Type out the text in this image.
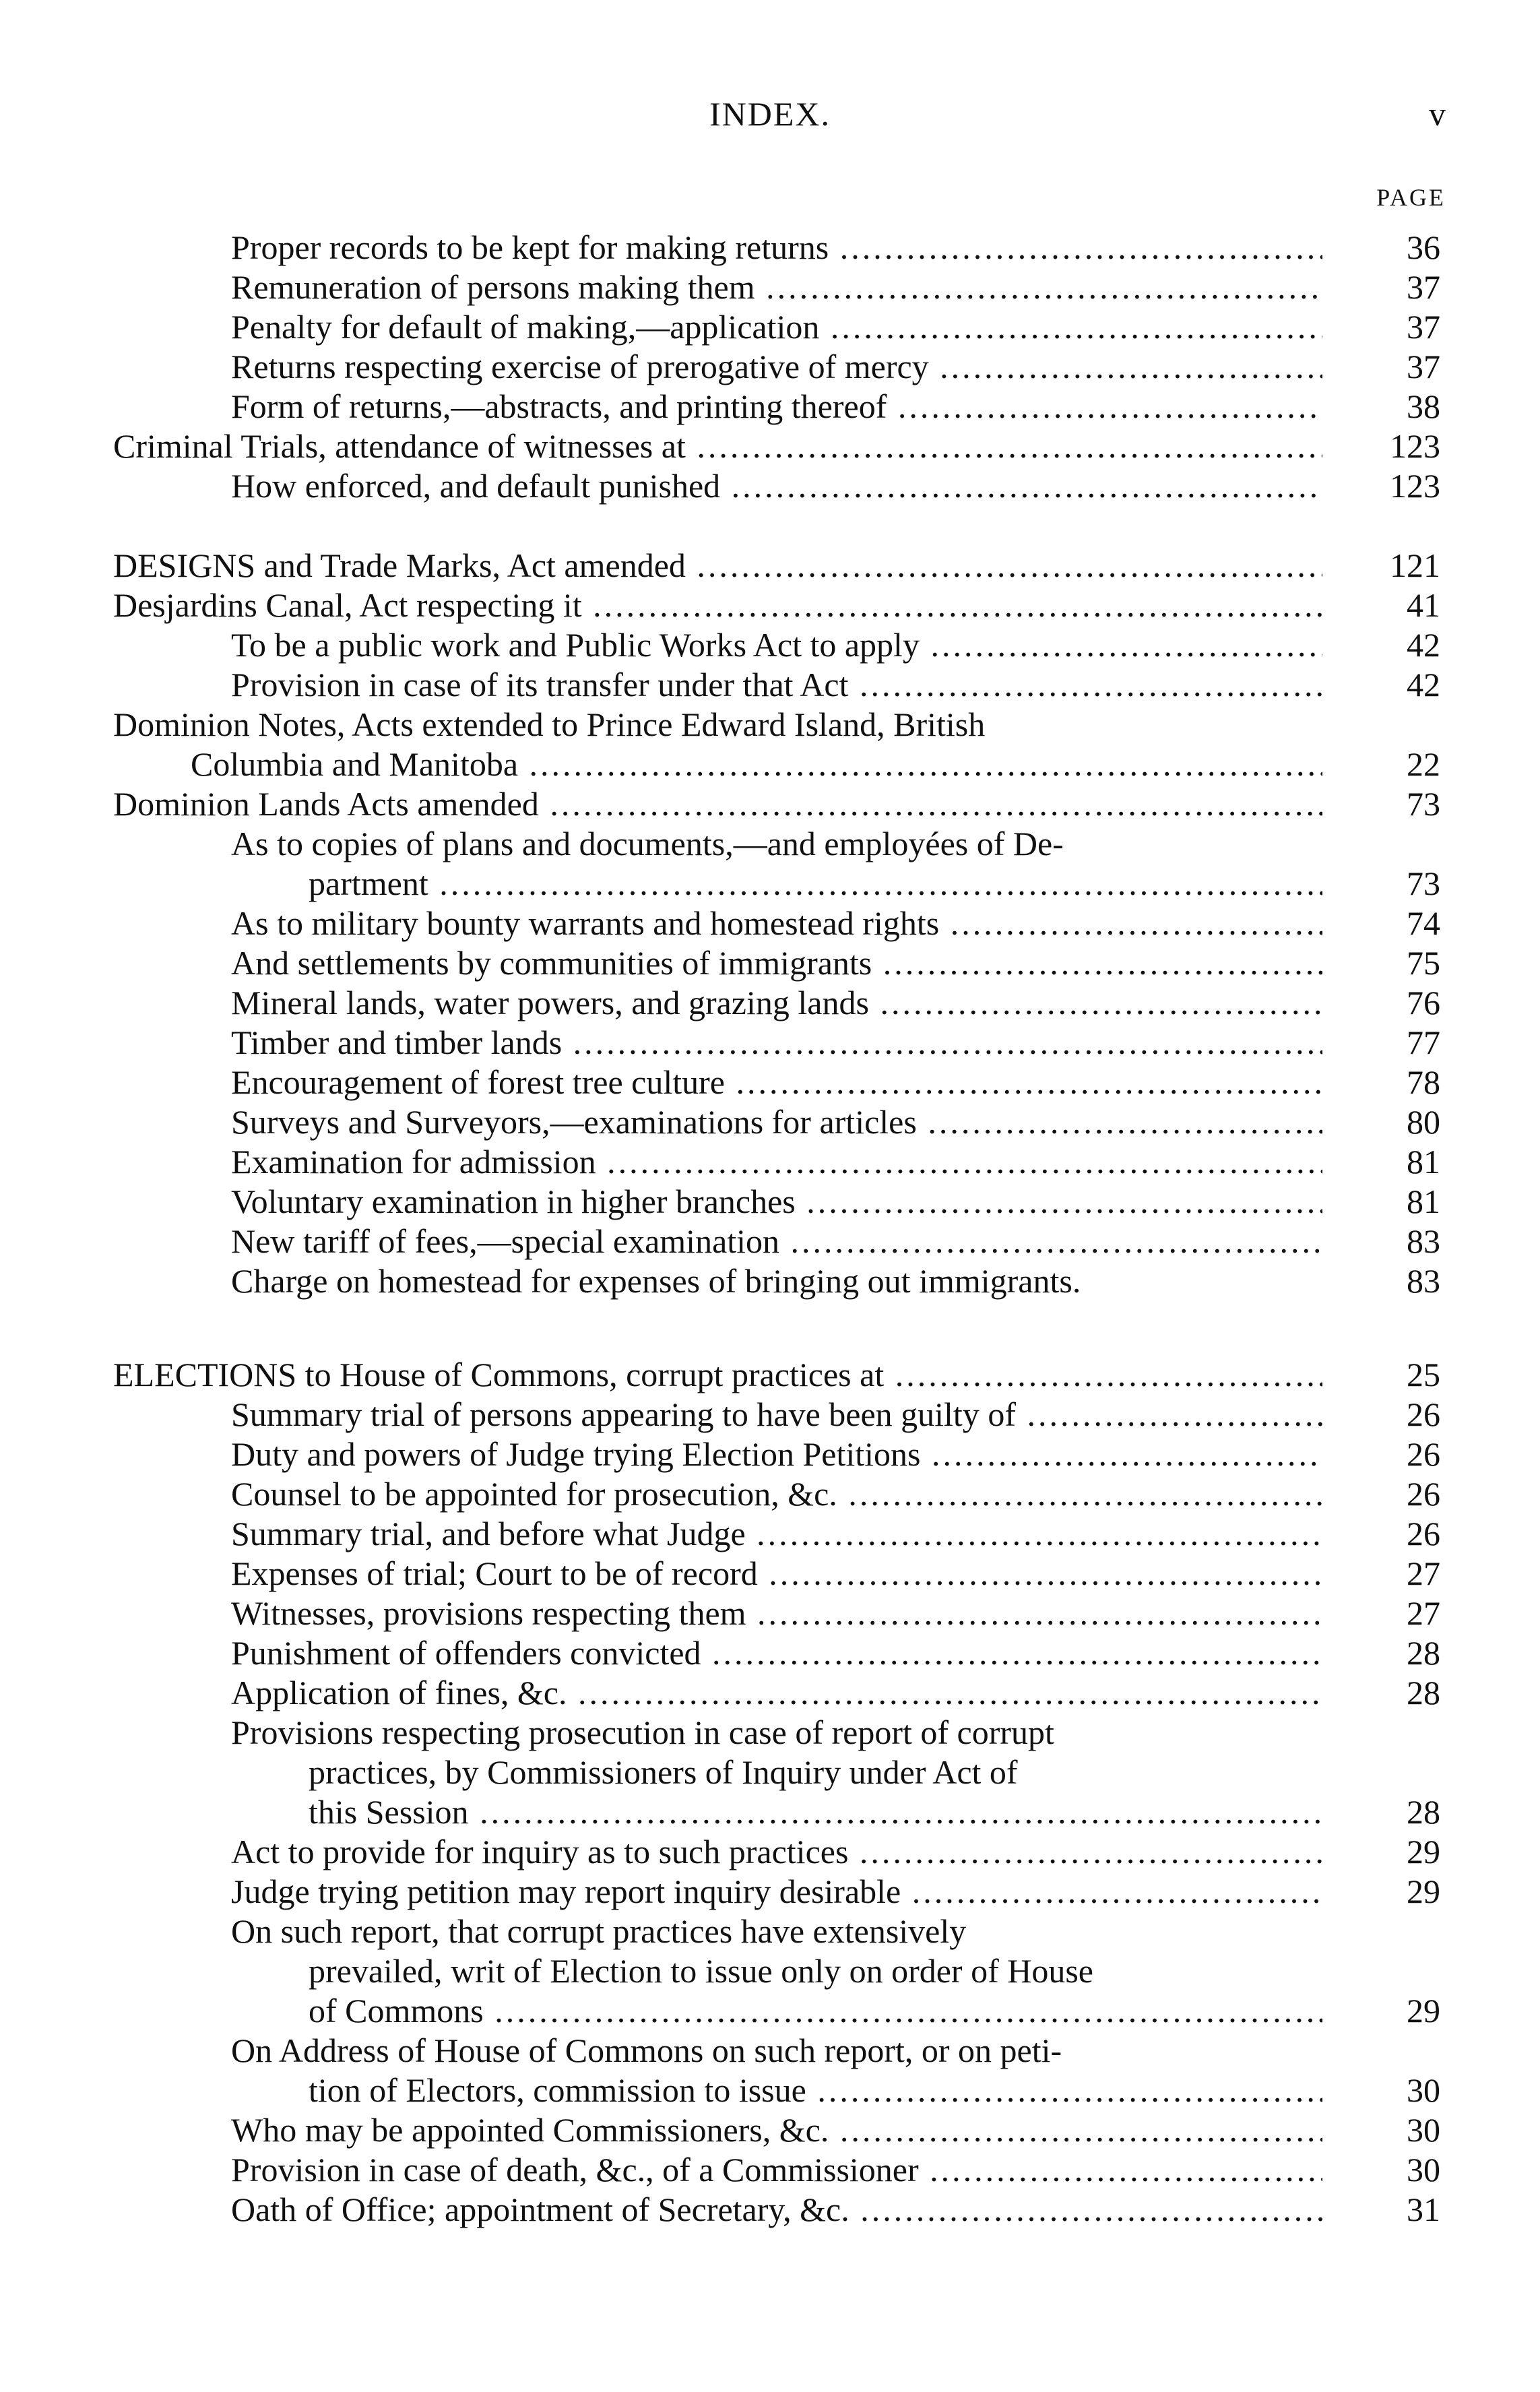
INDEX.	v
PAGE
Proper records to be kept for making returns .....	36
Remuneration of persons making them .....	37
Penalty for default of making,—application .....	37
Returns respecting exercise of prerogative of mercy .....	37
Form of returns,—abstracts, and printing thereof .....	38
Criminal Trials, attendance of witnesses at .....	123
How enforced, and default punished .....	123
DESIGNS and Trade Marks, Act amended .....	121
Desjardins Canal, Act respecting it .....	41
To be a public work and Public Works Act to apply .....	42
Provision in case of its transfer under that Act .....	42
Dominion Notes, Acts extended to Prince Edward Island, British
Columbia and Manitoba .....	22
Dominion Lands Acts amended .....	73
As to copies of plans and documents,—and employées of De-
partment .....	73
As to military bounty warrants and homestead rights .....	74
And settlements by communities of immigrants .....	75
Mineral lands, water powers, and grazing lands .....	76
Timber and timber lands .....	77
Encouragement of forest tree culture .....	78
Surveys and Surveyors,—examinations for articles .....	80
Examination for admission .....	81
Voluntary examination in higher branches .....	81
New tariff of fees,—special examination .....	83
Charge on homestead for expenses of bringing out immigrants.	83
ELECTIONS to House of Commons, corrupt practices at .....	25
Summary trial of persons appearing to have been guilty of .....	26
Duty and powers of Judge trying Election Petitions .....	26
Counsel to be appointed for prosecution, &c. .....	26
Summary trial, and before what Judge .....	26
Expenses of trial; Court to be of record .....	27
Witnesses, provisions respecting them .....	27
Punishment of offenders convicted .....	28
Application of fines, &c. .....	28
Provisions respecting prosecution in case of report of corrupt
practices, by Commissioners of Inquiry under Act of
this Session .....	28
Act to provide for inquiry as to such practices .....	29
Judge trying petition may report inquiry desirable .....	29
On such report, that corrupt practices have extensively
prevailed, writ of Election to issue only on order of House
of Commons .....	29
On Address of House of Commons on such report, or on peti-
tion of Electors, commission to issue .....	30
Who may be appointed Commissioners, &c. .....	30
Provision in case of death, &c., of a Commissioner .....	30
Oath of Office; appointment of Secretary, &c. .....	31
